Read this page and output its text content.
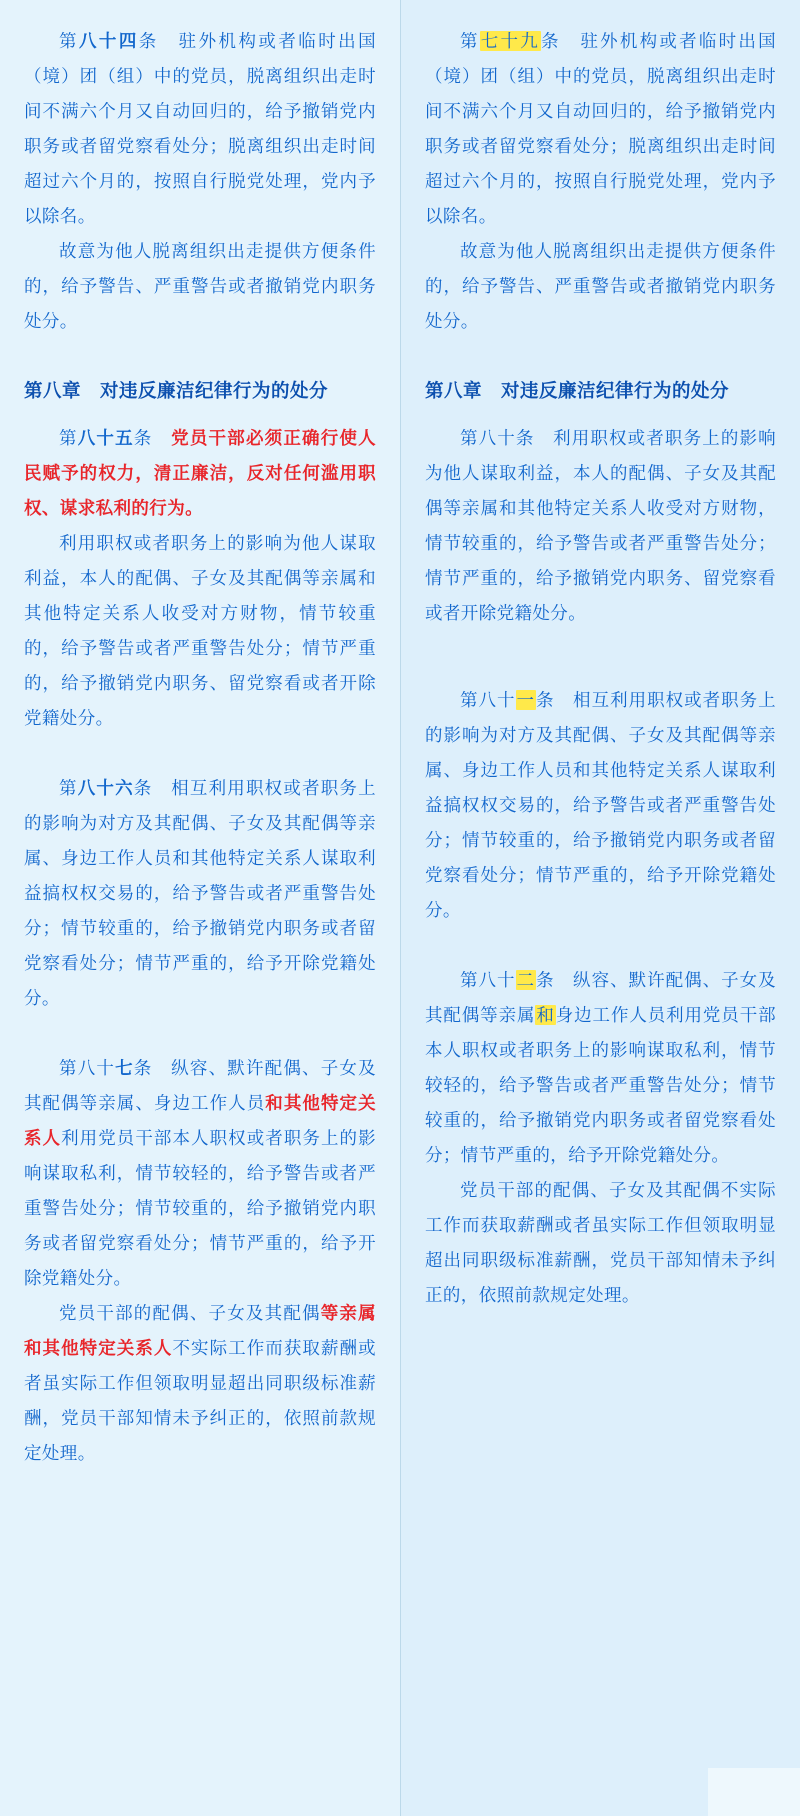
第八十四条　驻外机构或者临时出国（境）团（组）中的党员，脱离组织出走时间不满六个月又自动回归的，给予撤销党内职务或者留党察看处分；脱离组织出走时间超过六个月的，按照自行脱党处理，党内予以除名。

故意为他人脱离组织出走提供方便条件的，给予警告、严重警告或者撤销党内职务处分。

第八章　对违反廉洁纪律行为的处分

第八十五条　党员干部必须正确行使人民赋予的权力，清正廉洁，反对任何滥用职权、谋求私利的行为。

利用职权或者职务上的影响为他人谋取利益，本人的配偶、子女及其配偶等亲属和其他特定关系人收受对方财物，情节较重的，给予警告或者严重警告处分；情节严重的，给予撤销党内职务、留党察看或者开除党籍处分。

第八十六条　相互利用职权或者职务上的影响为对方及其配偶、子女及其配偶等亲属、身边工作人员和其他特定关系人谋取利益搞权权交易的，给予警告或者严重警告处分；情节较重的，给予撤销党内职务或者留党察看处分；情节严重的，给予开除党籍处分。

第八十七条　纵容、默许配偶、子女及其配偶等亲属、身边工作人员和其他特定关系人利用党员干部本人职权或者职务上的影响谋取私利，情节较轻的，给予警告或者严重警告处分；情节较重的，给予撤销党内职务或者留党察看处分；情节严重的，给予开除党籍处分。

党员干部的配偶、子女及其配偶等亲属和其他特定关系人不实际工作而获取薪酬或者虽实际工作但领取明显超出同职级标准薪酬，党员干部知情未予纠正的，依照前款规定处理。

第七十九条　驻外机构或者临时出国（境）团（组）中的党员，脱离组织出走时间不满六个月又自动回归的，给予撤销党内职务或者留党察看处分；脱离组织出走时间超过六个月的，按照自行脱党处理，党内予以除名。

故意为他人脱离组织出走提供方便条件的，给予警告、严重警告或者撤销党内职务处分。

第八章　对违反廉洁纪律行为的处分

第八十条　利用职权或者职务上的影响为他人谋取利益，本人的配偶、子女及其配偶等亲属和其他特定关系人收受对方财物，情节较重的，给予警告或者严重警告处分；情节严重的，给予撤销党内职务、留党察看或者开除党籍处分。

第八十一条　相互利用职权或者职务上的影响为对方及其配偶、子女及其配偶等亲属、身边工作人员和其他特定关系人谋取利益搞权权交易的，给予警告或者严重警告处分；情节较重的，给予撤销党内职务或者留党察看处分；情节严重的，给予开除党籍处分。

第八十二条　纵容、默许配偶、子女及其配偶等亲属和身边工作人员利用党员干部本人职权或者职务上的影响谋取私利，情节较轻的，给予警告或者严重警告处分；情节较重的，给予撤销党内职务或者留党察看处分；情节严重的，给予开除党籍处分。

党员干部的配偶、子女及其配偶不实际工作而获取薪酬或者虽实际工作但领取明显超出同职级标准薪酬，党员干部知情未予纠正的，依照前款规定处理。
